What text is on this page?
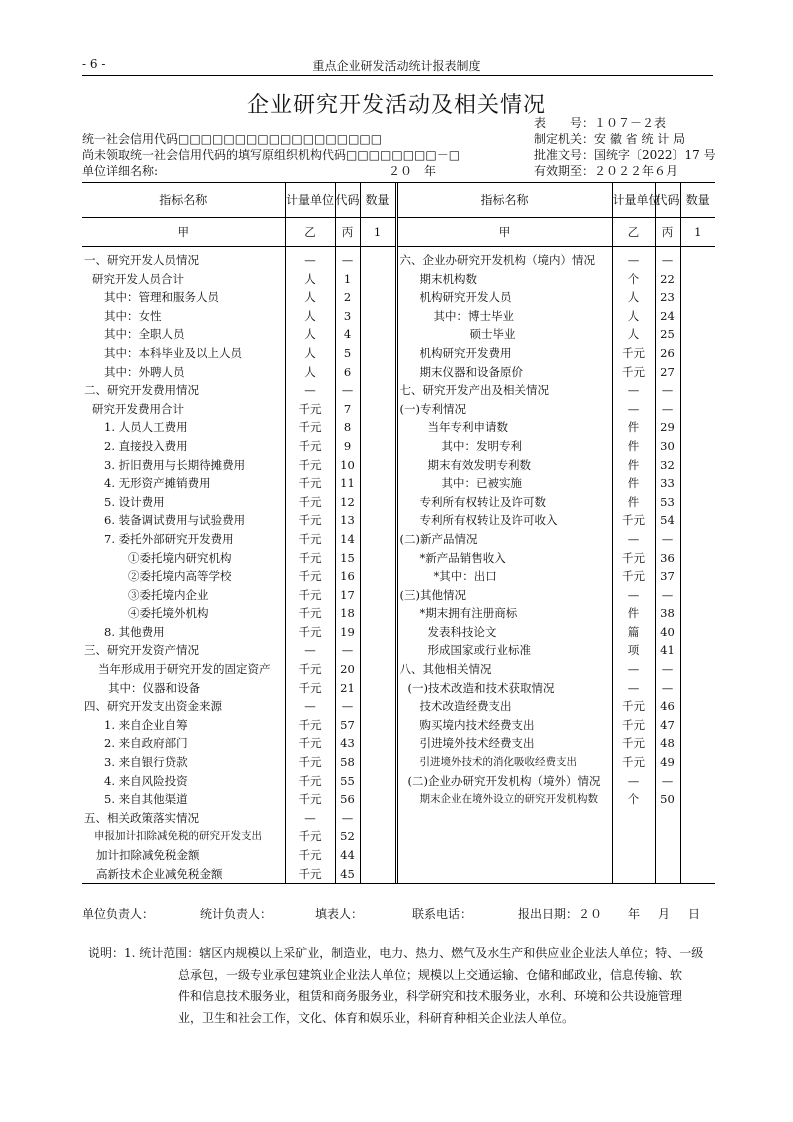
- 6 -	重点企业研发活动统计报表制度
企业研究开发活动及相关情况
统一社会信用代码□□□□□□□□□□□□□□□□□□
尚未领取统一社会信用代码的填写原组织机构代码□□□□□□□□－□
单位详细名称:	２０　年
表　　号：１０７－２表
制定机关：安 徽 省 统 计 局
批准文号：国统字〔2022〕17 号
有效期至：２０２２年６月
指标名称	计量单位	代码	数量	指标名称	计量单位	代码	数量
甲	乙	丙	1	甲	乙	丙	1
一、研究开发人员情况	—	—		六、企业办研究开发机构（境内）情况	—	—	
研究开发人员合计	人	1		期末机构数	个	22	
其中：管理和服务人员	人	2		机构研究开发人员	人	23	
其中：女性	人	3		其中：博士毕业	人	24	
其中：全职人员	人	4		硕士毕业	人	25	
其中：本科毕业及以上人员	人	5		机构研究开发费用	千元	26	
其中：外聘人员	人	6		期末仪器和设备原价	千元	27	
二、研究开发费用情况	—	—		七、研究开发产出及相关情况	—	—	
研究开发费用合计	千元	7		(一)专利情况	—	—	
1. 人员人工费用	千元	8		当年专利申请数	件	29	
2. 直接投入费用	千元	9		其中：发明专利	件	30	
3. 折旧费用与长期待摊费用	千元	10		期末有效发明专利数	件	32	
4. 无形资产摊销费用	千元	11		其中：已被实施	件	33	
5. 设计费用	千元	12		专利所有权转让及许可数	件	53	
6. 装备调试费用与试验费用	千元	13		专利所有权转让及许可收入	千元	54	
7. 委托外部研究开发费用	千元	14		(二)新产品情况	—	—	
①委托境内研究机构	千元	15		*新产品销售收入	千元	36	
②委托境内高等学校	千元	16		*其中：出口	千元	37	
③委托境内企业	千元	17		(三)其他情况	—	—	
④委托境外机构	千元	18		*期末拥有注册商标	件	38	
8. 其他费用	千元	19		发表科技论文	篇	40	
三、研究开发资产情况	—	—		形成国家或行业标准	项	41	
当年形成用于研究开发的固定资产	千元	20		八、其他相关情况	—	—	
其中：仪器和设备	千元	21		(一)技术改造和技术获取情况	—	—	
四、研究开发支出资金来源	—	—		技术改造经费支出	千元	46	
1. 来自企业自筹	千元	57		购买境内技术经费支出	千元	47	
2. 来自政府部门	千元	43		引进境外技术经费支出	千元	48	
3. 来自银行贷款	千元	58		引进境外技术的消化吸收经费支出	千元	49	
4. 来自风险投资	千元	55		(二)企业办研究开发机构（境外）情况	—	—	
5. 来自其他渠道	千元	56		期末企业在境外设立的研究开发机构数	个	50	
五、相关政策落实情况	—	—					
申报加计扣除减免税的研究开发支出	千元	52					
加计扣除减免税金额	千元	44					
高新技术企业减免税金额	千元	45					
单位负责人：	统计负责人：	填表人：	联系电话：	报出日期：２０ 年 月 日

说明：1. 统计范围：辖区内规模以上采矿业，制造业，电力、热力、燃气及水生产和供应业企业法人单位；特、一级

总承包，一级专业承包建筑业企业法人单位；规模以上交通运输、仓储和邮政业，信息传输、软

件和信息技术服务业，租赁和商务服务业，科学研究和技术服务业，水利、环境和公共设施管理

业，卫生和社会工作，文化、体育和娱乐业，科研育种相关企业法人单位。
